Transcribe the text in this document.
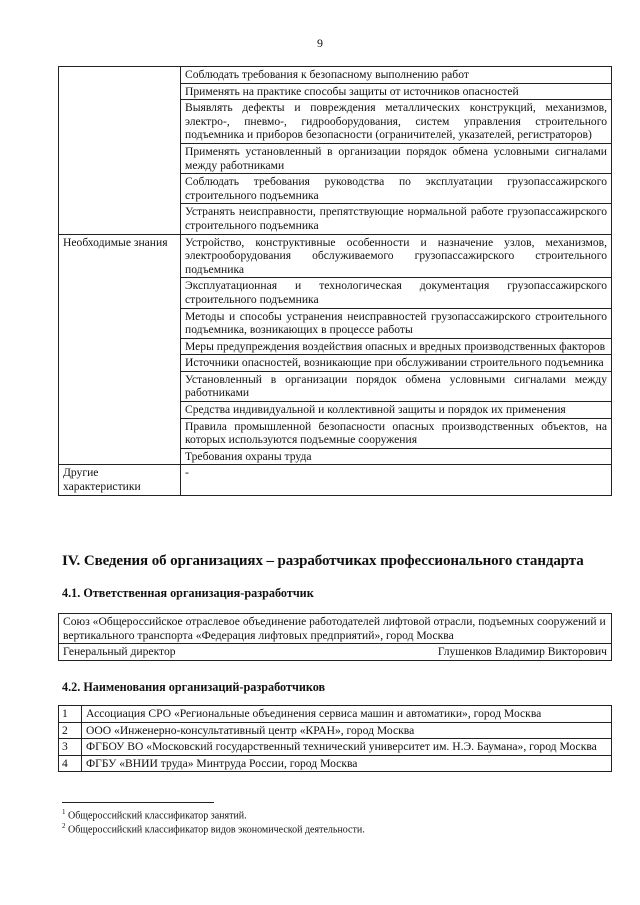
9
	Соблюдать требования к безопасному выполнению работ
	Применять на практике способы защиты от источников опасностей
	Выявлять дефекты и повреждения металлических конструкций, механизмов, электро-, пневмо-, гидрооборудования, систем управления строительного подъемника и приборов безопасности (ограничителей, указателей, регистраторов)
	Применять установленный в организации порядок обмена условными сигналами между работниками
	Соблюдать требования руководства по эксплуатации грузопассажирского строительного подъемника
	Устранять неисправности, препятствующие нормальной работе грузопассажирского строительного подъемника
Необходимые знания	Устройство, конструктивные особенности и назначение узлов, механизмов, электрооборудования обслуживаемого грузопассажирского строительного подъемника
	Эксплуатационная и технологическая документация грузопассажирского строительного подъемника
	Методы и способы устранения неисправностей грузопассажирского строительного подъемника, возникающих в процессе работы
	Меры предупреждения воздействия опасных и вредных производственных факторов
	Источники опасностей, возникающие при обслуживании строительного подъемника
	Установленный в организации порядок обмена условными сигналами между работниками
	Средства индивидуальной и коллективной защиты и порядок их применения
	Правила промышленной безопасности опасных производственных объектов, на которых используются подъемные сооружения
	Требования охраны труда
Другие характеристики	-
IV. Сведения об организациях – разработчиках профессионального стандарта
4.1. Ответственная организация-разработчик
Союз «Общероссийское отраслевое объединение работодателей лифтовой отрасли, подъемных сооружений и вертикального транспорта «Федерация лифтовых предприятий», город Москва

Генеральный директор	Глушенков Владимир Викторович
4.2. Наименования организаций-разработчиков
1	Ассоциация СРО «Региональные объединения сервиса машин и автоматики», город Москва
2	ООО «Инженерно-консультативный центр «КРАН», город Москва
3	ФГБОУ ВО «Московский государственный технический университет им. Н.Э. Баумана», город Москва
4	ФГБУ «ВНИИ труда» Минтруда России, город Москва
$^1$ Общероссийский классификатор занятий.
$^2$ Общероссийский классификатор видов экономической деятельности.
